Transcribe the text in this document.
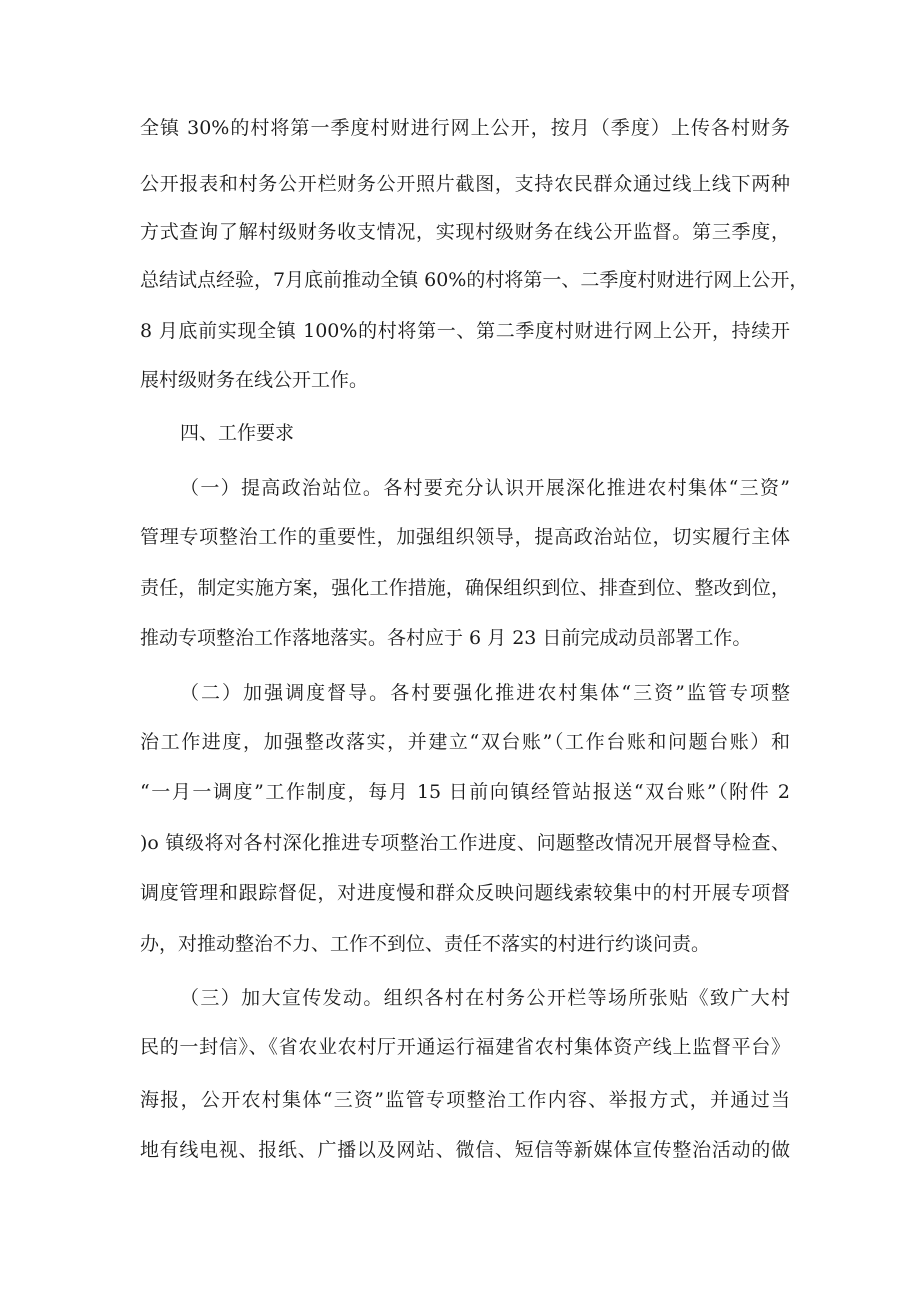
全镇 30%的村将第一季度村财进行网上公开，按月（季度）上传各村财务
公开报表和村务公开栏财务公开照片截图，支持农民群众通过线上线下两种
方式查询了解村级财务收支情况，实现村级财务在线公开监督。第三季度，
总结试点经验，7月底前推动全镇 60%的村将第一、二季度村财进行网上公开，
8 月底前实现全镇 100%的村将第一、第二季度村财进行网上公开，持续开
展村级财务在线公开工作。
四、工作要求
（一）提高政治站位。各村要充分认识开展深化推进农村集体“三资”
管理专项整治工作的重要性，加强组织领导，提高政治站位，切实履行主体
责任，制定实施方案，强化工作措施，确保组织到位、排查到位、整改到位，
推动专项整治工作落地落实。各村应于 6 月 23 日前完成动员部署工作。
（二）加强调度督导。各村要强化推进农村集体“三资”监管专项整
治工作进度，加强整改落实，并建立“双台账”（工作台账和问题台账）和
“一月一调度”工作制度，每月 15 日前向镇经管站报送“双台账”（附件 2
)o 镇级将对各村深化推进专项整治工作进度、问题整改情况开展督导检查、
调度管理和跟踪督促，对进度慢和群众反映问题线索较集中的村开展专项督
办，对推动整治不力、工作不到位、责任不落实的村进行约谈问责。
（三）加大宣传发动。组织各村在村务公开栏等场所张贴《致广大村
民的一封信》、《省农业农村厅开通运行福建省农村集体资产线上监督平台》
海报，公开农村集体“三资”监管专项整治工作内容、举报方式，并通过当
地有线电视、报纸、广播以及网站、微信、短信等新媒体宣传整治活动的做
